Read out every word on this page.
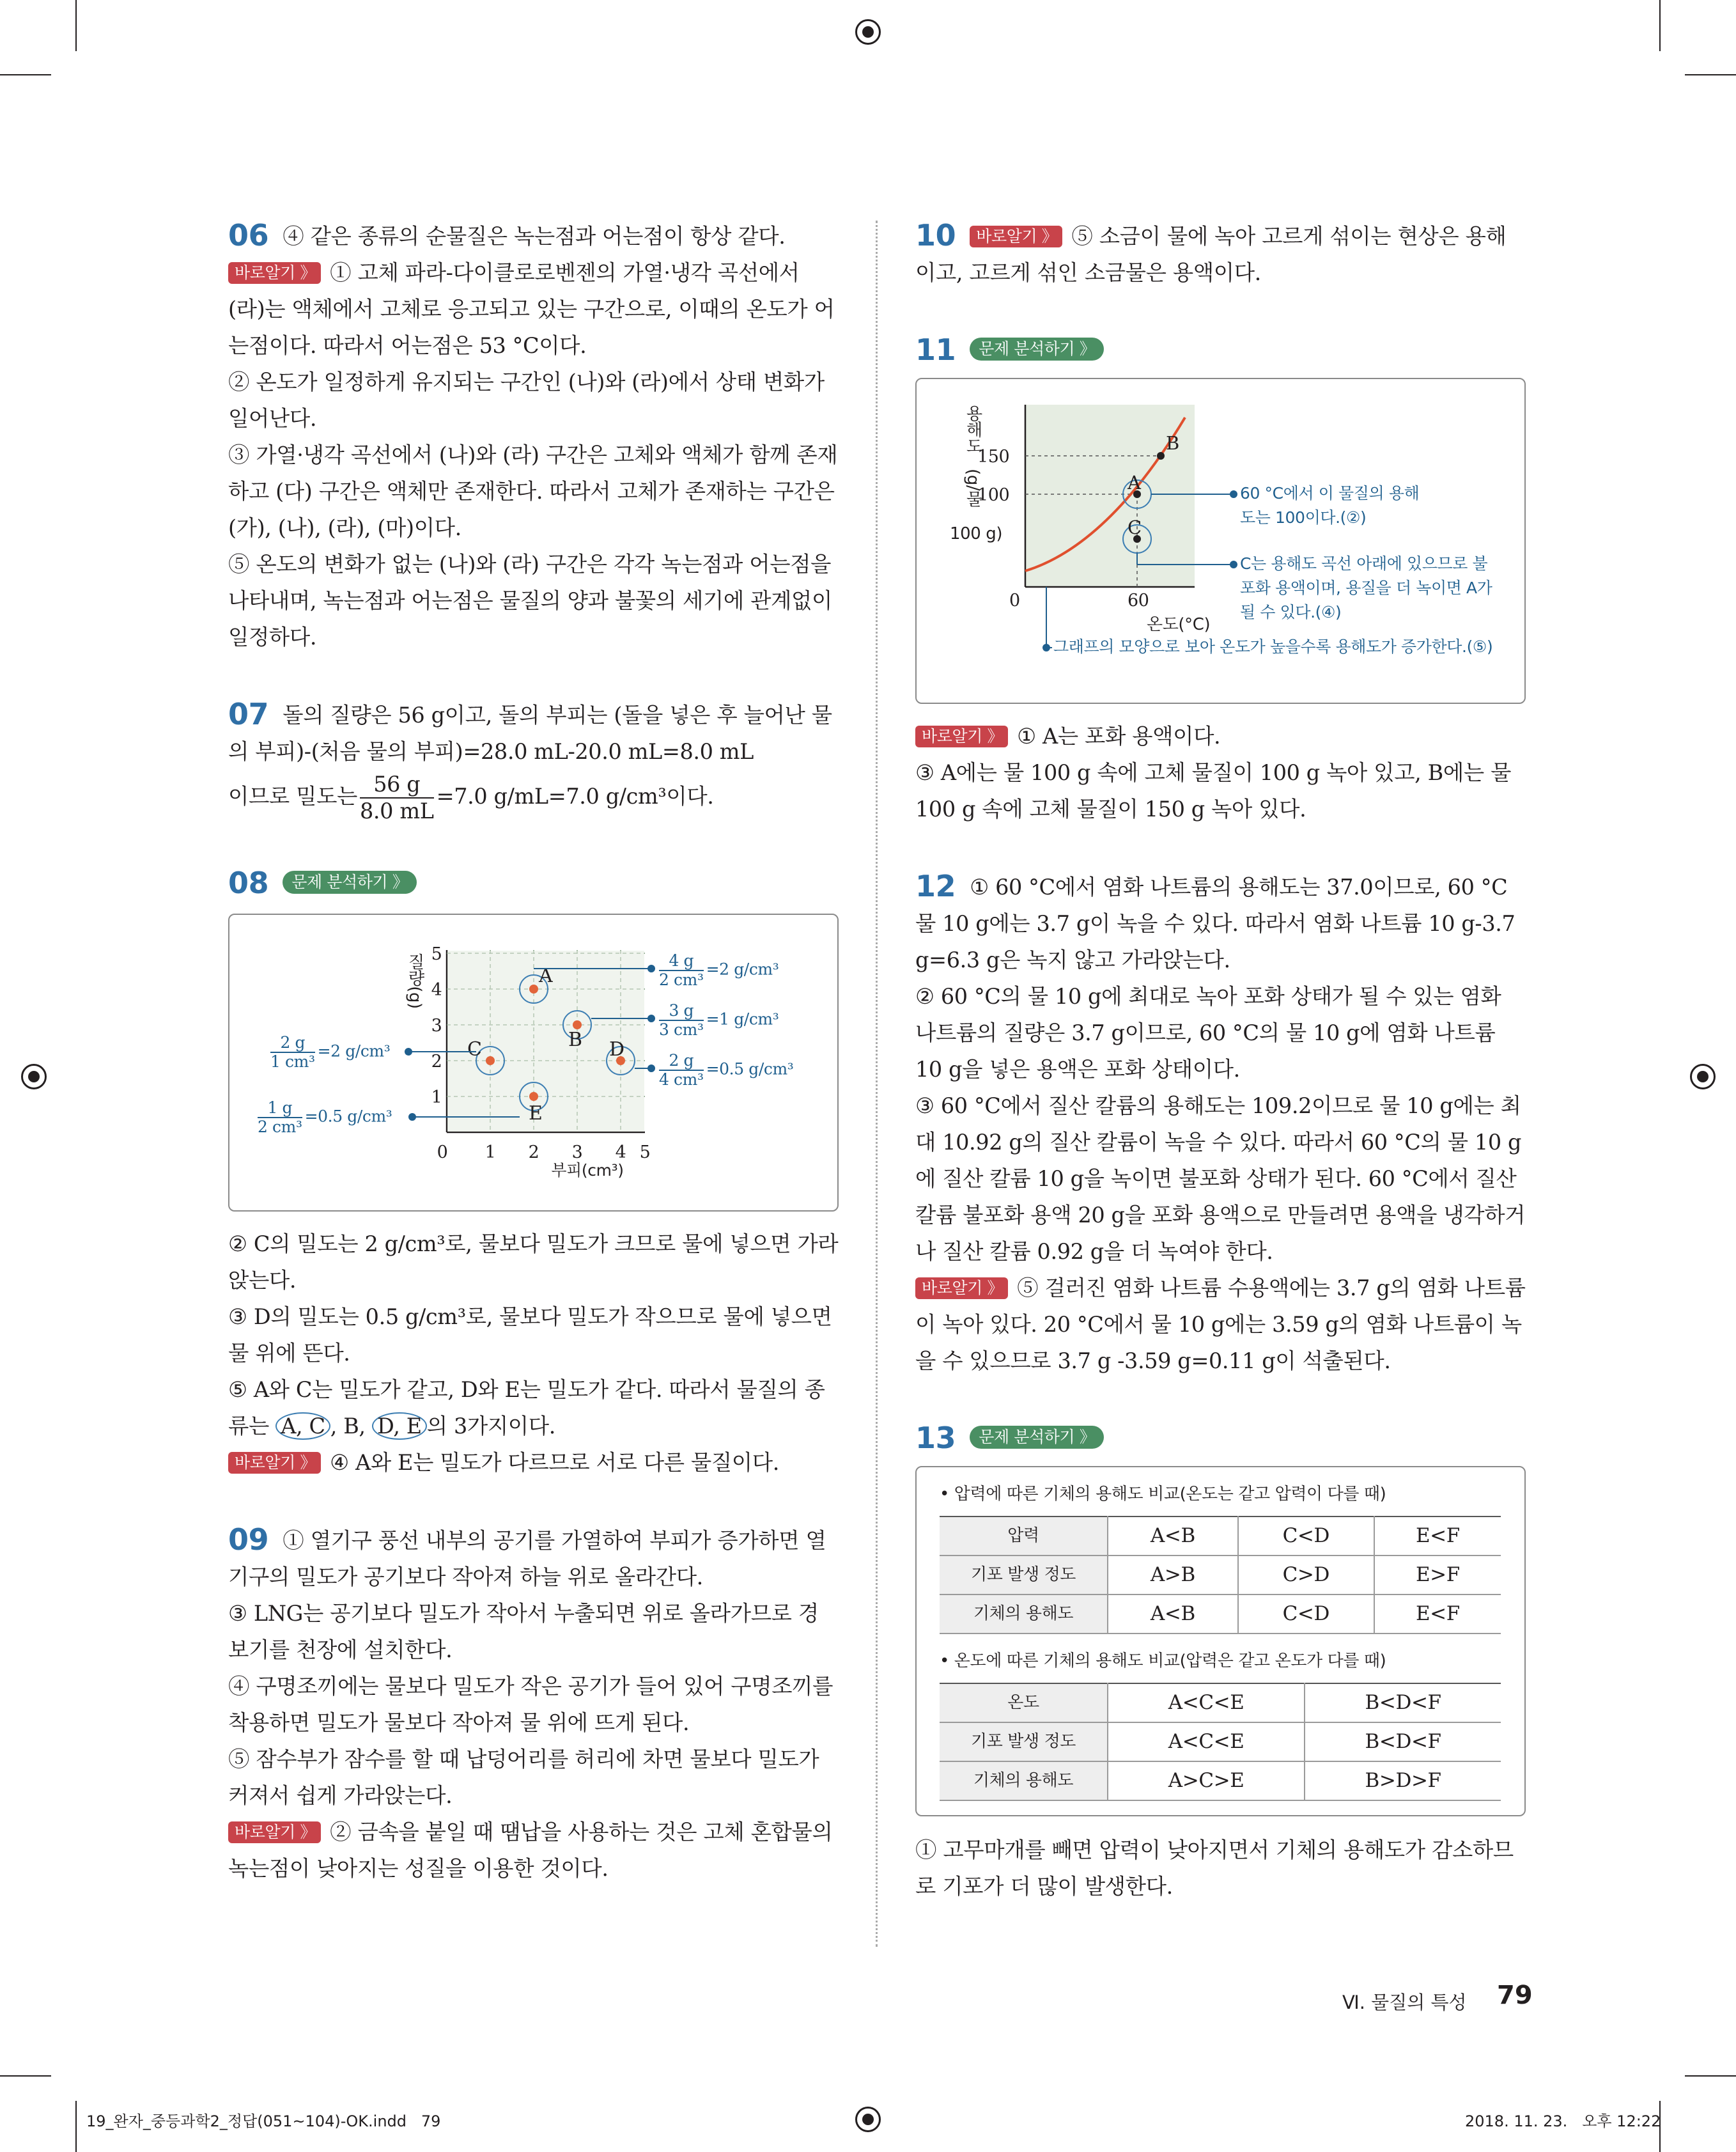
06 ④ 같은 종류의 순물질은 녹는점과 어는점이 항상 같다.

바로알기 》 ① 고체 파라-다이클로로벤젠의 가열·냉각 곡선에서 (라)는 액체에서 고체로 응고되고 있는 구간으로, 이때의 온도가 어는점이다. 따라서 어는점은 53 °C이다.

② 온도가 일정하게 유지되는 구간인 (나)와 (라)에서 상태 변화가 일어난다.

③ 가열·냉각 곡선에서 (나)와 (라) 구간은 고체와 액체가 함께 존재하고 (다) 구간은 액체만 존재한다. 따라서 고체가 존재하는 구간은 (가), (나), (라), (마)이다.

⑤ 온도의 변화가 없는 (나)와 (라) 구간은 각각 녹는점과 어는점을 나타내며, 녹는점과 어는점은 물질의 양과 불꽃의 세기에 관계없이 일정하다.

07 돌의 질량은 56 g이고, 돌의 부피는 (돌을 넣은 후 늘어난 물의 부피)-(처음 물의 부피)=28.0 mL-20.0 mL=8.0 mL

이므로 밀도는 $\frac{56 g}{8.0 mL} =7.0$ g/mL=7.0 g/cm³이다.

08 문제 분석하기 》

0 1 2 3 4 5
1
2
3
4
5
부피(cm³)
질량(g)	A
B
C	D
E
$\frac{4 g}{\text{2 cm³}} =2$ g/cm³
$\frac{3 g}{\text{3 cm³}} =1$ g/cm³
$\frac{2 g}{\text{4 cm³}} =0.5$ g/cm³
$\frac{2 g}{\text{1 cm³}} =2$ g/cm³
$\frac{1 g}{\text{2 cm³}} =0.5$ g/cm³

② C의 밀도는 2 g/cm³로, 물보다 밀도가 크므로 물에 넣으면 가라앉는다.

③ D의 밀도는 0.5 g/cm³로, 물보다 밀도가 작으므로 물에 넣으면 물 위에 뜬다.

⑤ A와 C는 밀도가 같고, D와 E는 밀도가 같다. 따라서 물질의 종류는 A, C , B, D, E 의 3가지이다.

바로알기 》 ④ A와 E는 밀도가 다르므로 서로 다른 물질이다.

09 ① 열기구 풍선 내부의 공기를 가열하여 부피가 증가하면 열기구의 밀도가 공기보다 작아져 하늘 위로 올라간다.

③ LNG는 공기보다 밀도가 작아서 누출되면 위로 올라가므로 경보기를 천장에 설치한다.

④ 구명조끼에는 물보다 밀도가 작은 공기가 들어 있어 구명조끼를 착용하면 밀도가 물보다 작아져 물 위에 뜨게 된다.

⑤ 잠수부가 잠수를 할 때 납덩어리를 허리에 차면 물보다 밀도가 커져서 쉽게 가라앉는다.

바로알기 》 ② 금속을 붙일 때 땜납을 사용하는 것은 고체 혼합물의 녹는점이 낮아지는 성질을 이용한 것이다.

10 바로알기 》 ⑤ 소금이 물에 녹아 고르게 섞이는 현상은 용해이고, 고르게 섞인 소금물은 용액이다.

11 문제 분석하기 》

B
A
C
150
100
0	60
온도(°C)
용해도
(g/물
100 g)
60 °C에서 이 물질의 용해도는 100이다.(②)
C는 용해도 곡선 아래에 있으므로 불포화 용액이며, 용질을 더 녹이면 A가 될 수 있다.(④)
그래프의 모양으로 보아 온도가 높을수록 용해도가 증가한다.(⑤)

바로알기 》 ① A는 포화 용액이다.

③ A에는 물 100 g 속에 고체 물질이 100 g 녹아 있고, B에는 물 100 g 속에 고체 물질이 150 g 녹아 있다.

12 ① 60 °C에서 염화 나트륨의 용해도는 37.0이므로, 60 °C 물 10 g에는 3.7 g이 녹을 수 있다. 따라서 염화 나트륨 10 g-3.7 g=6.3 g은 녹지 않고 가라앉는다.

② 60 °C의 물 10 g에 최대로 녹아 포화 상태가 될 수 있는 염화 나트륨의 질량은 3.7 g이므로, 60 °C의 물 10 g에 염화 나트륨 10 g을 넣은 용액은 포화 상태이다.

③ 60 °C에서 질산 칼륨의 용해도는 109.2이므로 물 10 g에는 최대 10.92 g의 질산 칼륨이 녹을 수 있다. 따라서 60 °C의 물 10 g에 질산 칼륨 10 g을 녹이면 불포화 상태가 된다. 60 °C에서 질산 칼륨 불포화 용액 20 g을 포화 용액으로 만들려면 용액을 냉각하거나 질산 칼륨 0.92 g을 더 녹여야 한다.

바로알기 》 ⑤ 걸러진 염화 나트륨 수용액에는 3.7 g의 염화 나트륨이 녹아 있다. 20 °C에서 물 10 g에는 3.59 g의 염화 나트륨이 녹을 수 있으므로 3.7 g -3.59 g=0.11 g이 석출된다.

13 문제 분석하기 》

• 압력에 따른 기체의 용해도 비교(온도는 같고 압력이 다를 때)
압력	A<B	C<D	E<F
기포 발생 정도	A>B	C>D	E>F
기체의 용해도	A<B	C<D	E<F
• 온도에 따른 기체의 용해도 비교(압력은 같고 온도가 다를 때)
온도	A<C<E	B<D<F
기포 발생 정도	A<C<E	B<D<F
기체의 용해도	A>C>E	B>D>F

① 고무마개를 빼면 압력이 낮아지면서 기체의 용해도가 감소하므로 기포가 더 많이 발생한다.

Ⅵ. 물질의 특성 79
19_완자_중등과학2_정답(051~104)-OK.indd   79	2018. 11. 23.   오후 12:22
